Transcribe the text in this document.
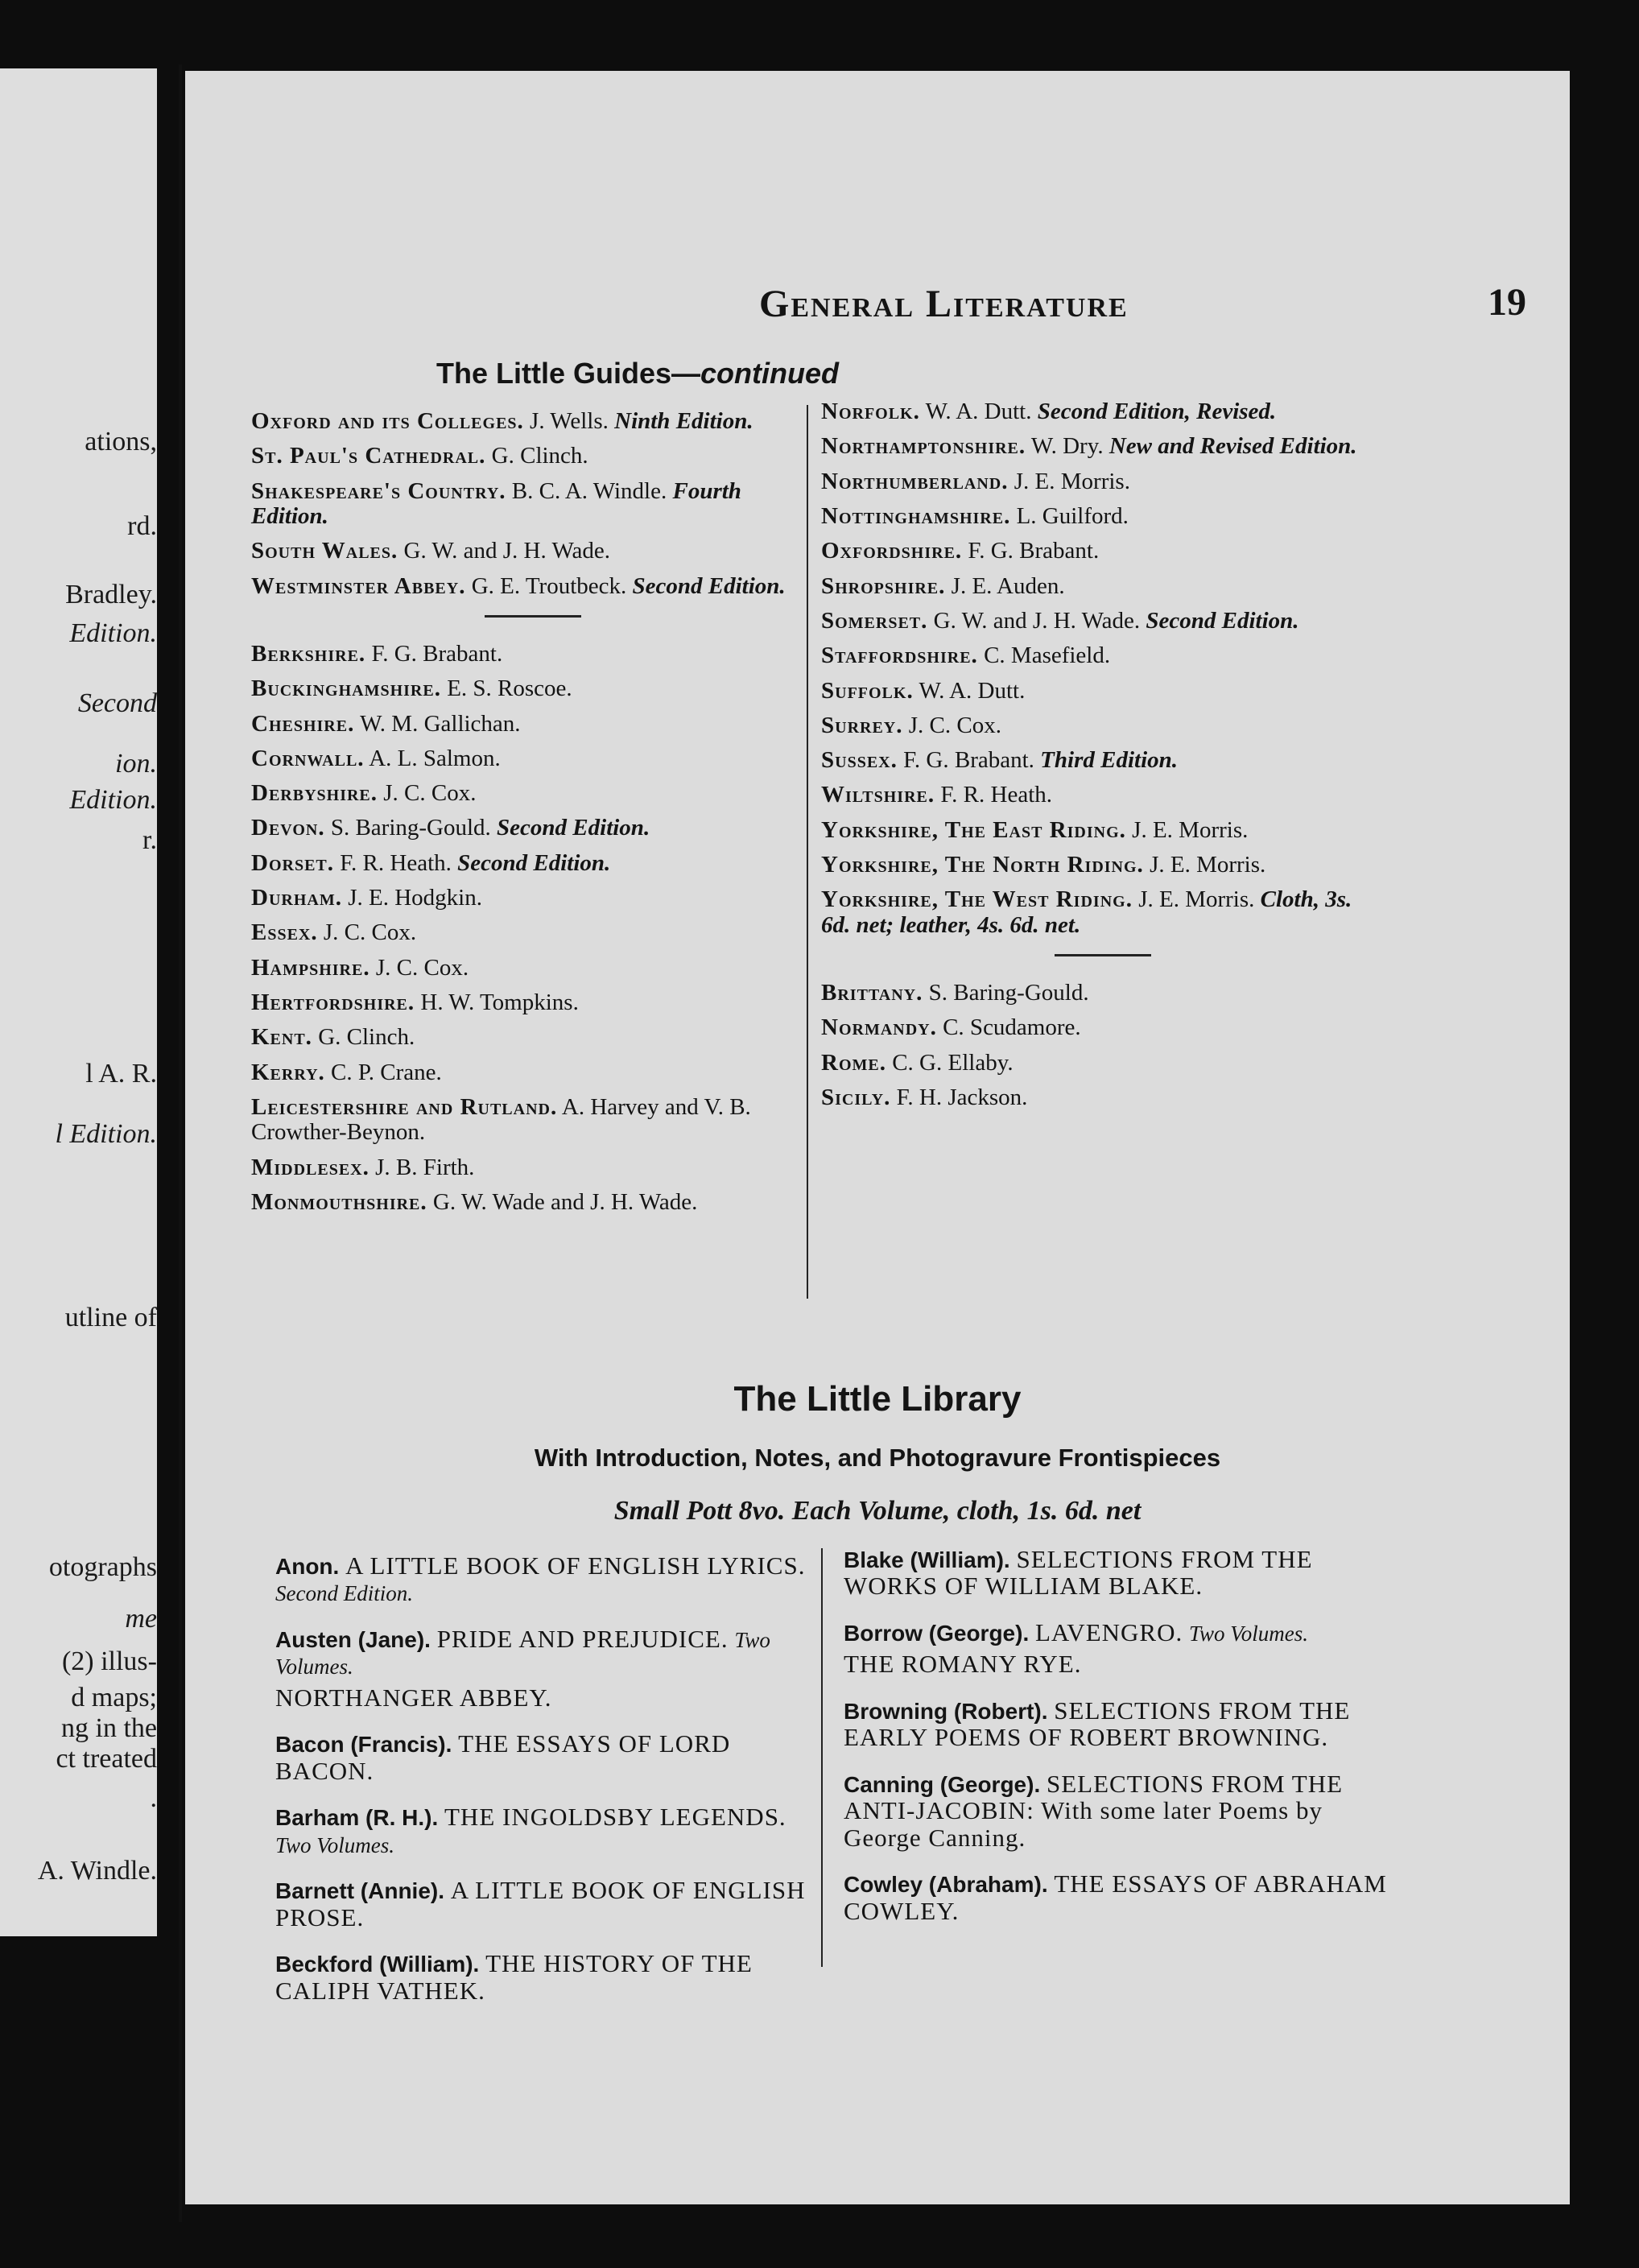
ations,
rd.
Bradley.
Edition.
Second
ion.
Edition.
r.
l A. R.
l Edition.
utline of
otographs
me
(2) illus-
d maps;
ng in the
ct treated
.
A. Windle.
General Literature	19
The Little Guides—continued
Oxford and its Colleges. J. Wells. Ninth Edition.
St. Paul's Cathedral. G. Clinch.
Shakespeare's Country. B. C. A. Windle. Fourth Edition.
South Wales. G. W. and J. H. Wade.
Westminster Abbey. G. E. Troutbeck. Second Edition.
Berkshire. F. G. Brabant.
Buckinghamshire. E. S. Roscoe.
Cheshire. W. M. Gallichan.
Cornwall. A. L. Salmon.
Derbyshire. J. C. Cox.
Devon. S. Baring-Gould. Second Edition.
Dorset. F. R. Heath. Second Edition.
Durham. J. E. Hodgkin.
Essex. J. C. Cox.
Hampshire. J. C. Cox.
Hertfordshire. H. W. Tompkins.
Kent. G. Clinch.
Kerry. C. P. Crane.
Leicestershire and Rutland. A. Harvey and V. B. Crowther-Beynon.
Middlesex. J. B. Firth.
Monmouthshire. G. W. Wade and J. H. Wade.
Norfolk. W. A. Dutt. Second Edition, Revised.
Northamptonshire. W. Dry. New and Revised Edition.
Northumberland. J. E. Morris.
Nottinghamshire. L. Guilford.
Oxfordshire. F. G. Brabant.
Shropshire. J. E. Auden.
Somerset. G. W. and J. H. Wade. Second Edition.
Staffordshire. C. Masefield.
Suffolk. W. A. Dutt.
Surrey. J. C. Cox.
Sussex. F. G. Brabant. Third Edition.
Wiltshire. F. R. Heath.
Yorkshire, The East Riding. J. E. Morris.
Yorkshire, The North Riding. J. E. Morris.
Yorkshire, The West Riding. J. E. Morris. Cloth, 3s. 6d. net; leather, 4s. 6d. net.
Brittany. S. Baring-Gould.
Normandy. C. Scudamore.
Rome. C. G. Ellaby.
Sicily. F. H. Jackson.
The Little Library
With Introduction, Notes, and Photogravure Frontispieces
Small Pott 8vo. Each Volume, cloth, 1s. 6d. net
Anon. A LITTLE BOOK OF ENGLISH LYRICS. Second Edition.
Austen (Jane). PRIDE AND PREJUDICE. Two Volumes.
NORTHANGER ABBEY.
Bacon (Francis). THE ESSAYS OF LORD BACON.
Barham (R. H.). THE INGOLDSBY LEGENDS. Two Volumes.
Barnett (Annie). A LITTLE BOOK OF ENGLISH PROSE.
Beckford (William). THE HISTORY OF THE CALIPH VATHEK.
Blake (William). SELECTIONS FROM THE WORKS OF WILLIAM BLAKE.
Borrow (George). LAVENGRO. Two Volumes.
THE ROMANY RYE.
Browning (Robert). SELECTIONS FROM THE EARLY POEMS OF ROBERT BROWNING.
Canning (George). SELECTIONS FROM THE ANTI-JACOBIN: With some later Poems by George Canning.
Cowley (Abraham). THE ESSAYS OF ABRAHAM COWLEY.
